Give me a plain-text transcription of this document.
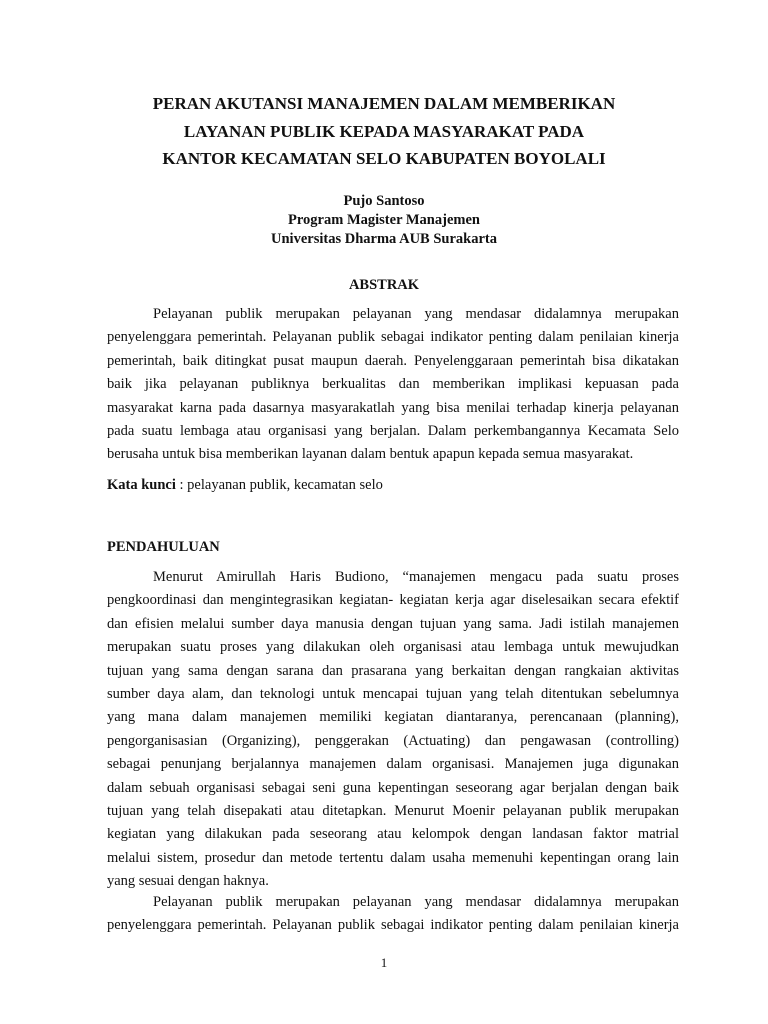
PERAN AKUTANSI MANAJEMEN DALAM MEMBERIKAN
LAYANAN PUBLIK KEPADA MASYARAKAT PADA
KANTOR KECAMATAN SELO KABUPATEN BOYOLALI
Pujo Santoso
Program Magister Manajemen
Universitas Dharma AUB Surakarta
ABSTRAK
Pelayanan publik merupakan pelayanan yang mendasar didalamnya merupakan
penyelenggara pemerintah. Pelayanan publik sebagai indikator penting dalam penilaian kinerja
pemerintah, baik ditingkat pusat maupun daerah. Penyelenggaraan pemerintah bisa dikatakan
baik jika pelayanan publiknya berkualitas dan memberikan implikasi kepuasan pada
masyarakat karna pada dasarnya masyarakatlah yang bisa menilai terhadap kinerja pelayanan
pada suatu lembaga atau organisasi yang berjalan. Dalam perkembangannya Kecamata Selo
berusaha untuk bisa memberikan layanan dalam bentuk apapun kepada semua masyarakat.
Kata kunci : pelayanan publik, kecamatan selo
PENDAHULUAN
Menurut Amirullah Haris Budiono, “manajemen mengacu pada suatu proses
pengkoordinasi dan mengintegrasikan kegiatan- kegiatan kerja agar diselesaikan secara efektif
dan efisien melalui sumber daya manusia dengan tujuan yang sama. Jadi istilah manajemen
merupakan suatu proses yang dilakukan oleh organisasi atau lembaga untuk mewujudkan
tujuan yang sama dengan sarana dan prasarana yang berkaitan dengan rangkaian aktivitas
sumber daya alam, dan teknologi untuk mencapai tujuan yang telah ditentukan sebelumnya
yang mana dalam manajemen memiliki kegiatan diantaranya, perencanaan (planning),
pengorganisasian (Organizing), penggerakan (Actuating) dan pengawasan (controlling)
sebagai penunjang berjalannya manajemen dalam organisasi. Manajemen juga digunakan
dalam sebuah organisasi sebagai seni guna kepentingan seseorang agar berjalan dengan baik
tujuan yang telah disepakati atau ditetapkan. Menurut Moenir pelayanan publik merupakan
kegiatan yang dilakukan pada seseorang atau kelompok dengan landasan faktor matrial
melalui sistem, prosedur dan metode tertentu dalam usaha memenuhi kepentingan orang lain
yang sesuai dengan haknya.
Pelayanan publik merupakan pelayanan yang mendasar didalamnya merupakan
penyelenggara pemerintah. Pelayanan publik sebagai indikator penting dalam penilaian kinerja
1
